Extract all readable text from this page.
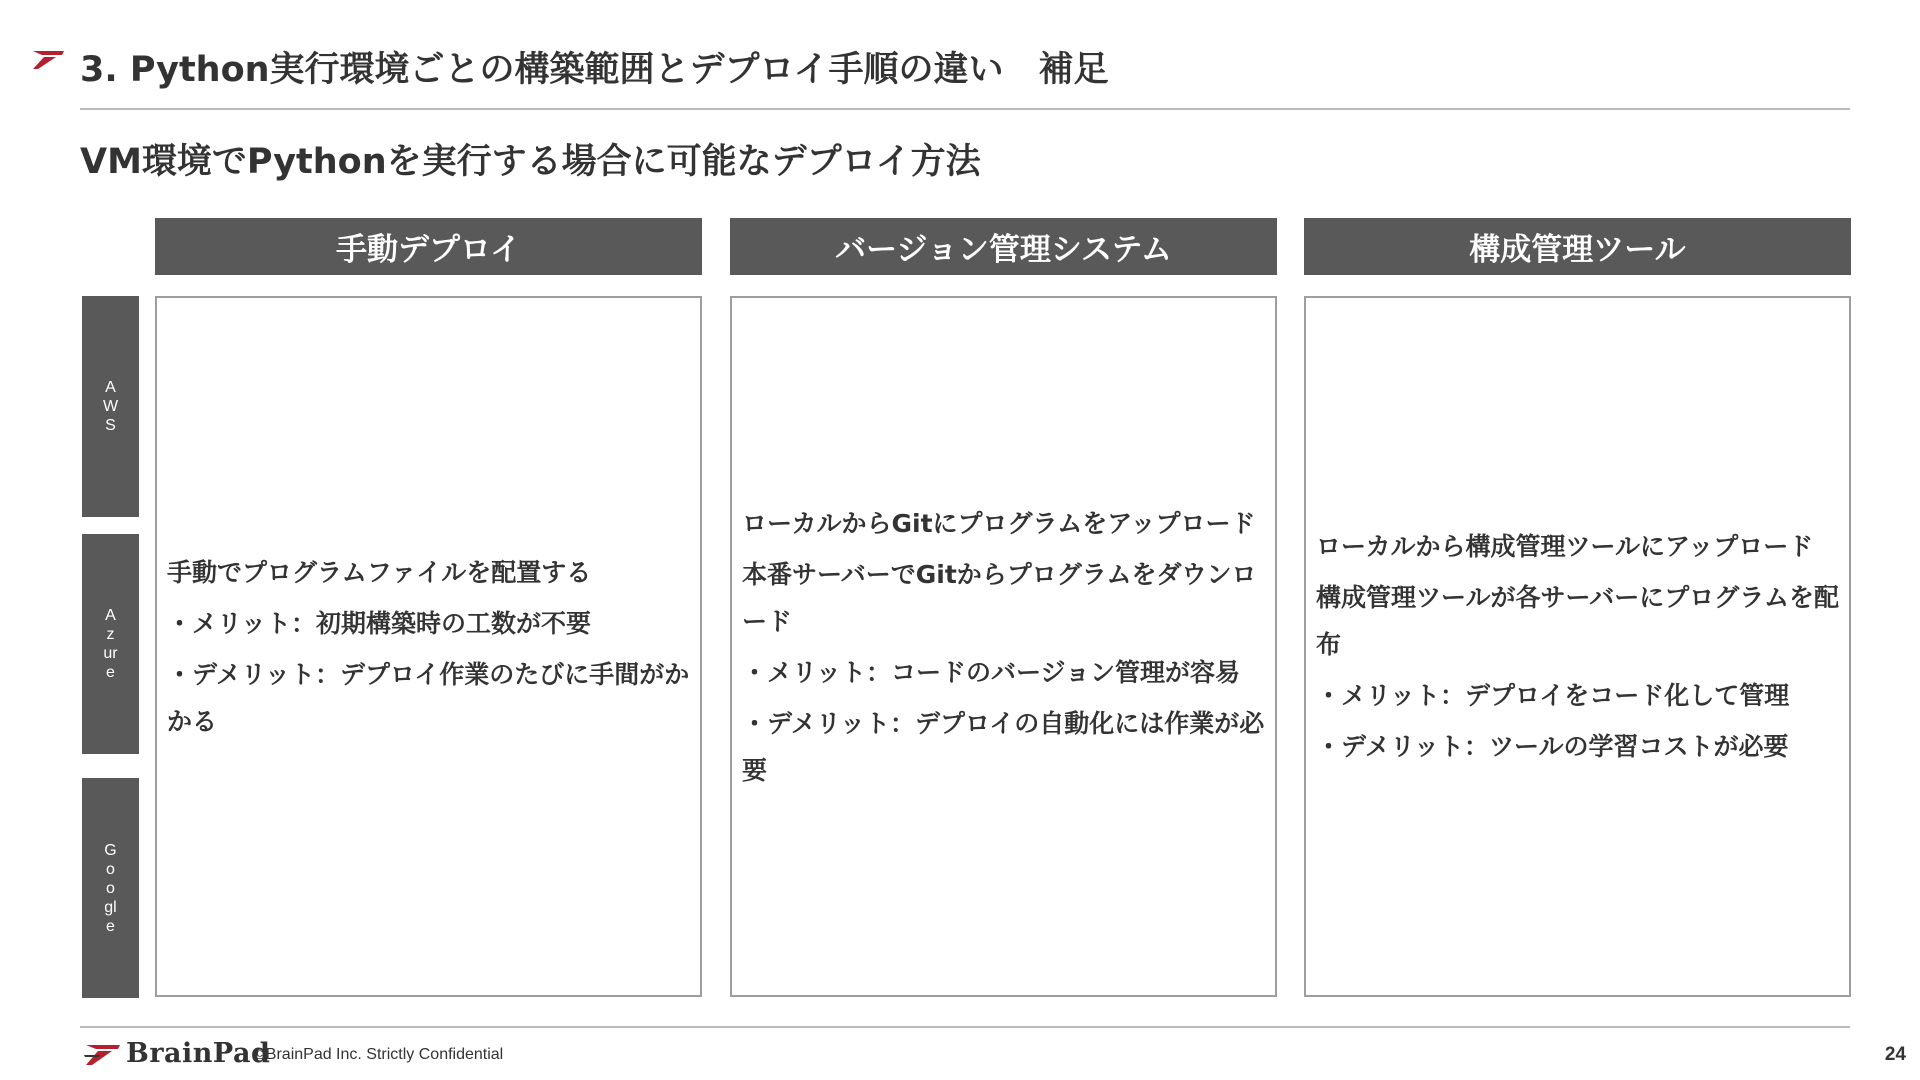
3. Python実行環境ごとの構築範囲とデプロイ手順の違い　補足
VM環境でPythonを実行する場合に可能なデプロイ方法
手動デプロイ	バージョン管理システム	構成管理ツール
AWS
Azure
Google
手動でプログラムファイルを配置する
・メリット：初期構築時の工数が不要
・デメリット：デプロイ作業のたびに手間がかかる
ローカルからGitにプログラムをアップロード
本番サーバーでGitからプログラムをダウンロード
・メリット：コードのバージョン管理が容易
・デメリット：デプロイの自動化には作業が必要
ローカルから構成管理ツールにアップロード
構成管理ツールが各サーバーにプログラムを配布
・メリット：デプロイをコード化して管理
・デメリット：ツールの学習コストが必要
BrainPad
©BrainPad Inc. Strictly Confidential	24
